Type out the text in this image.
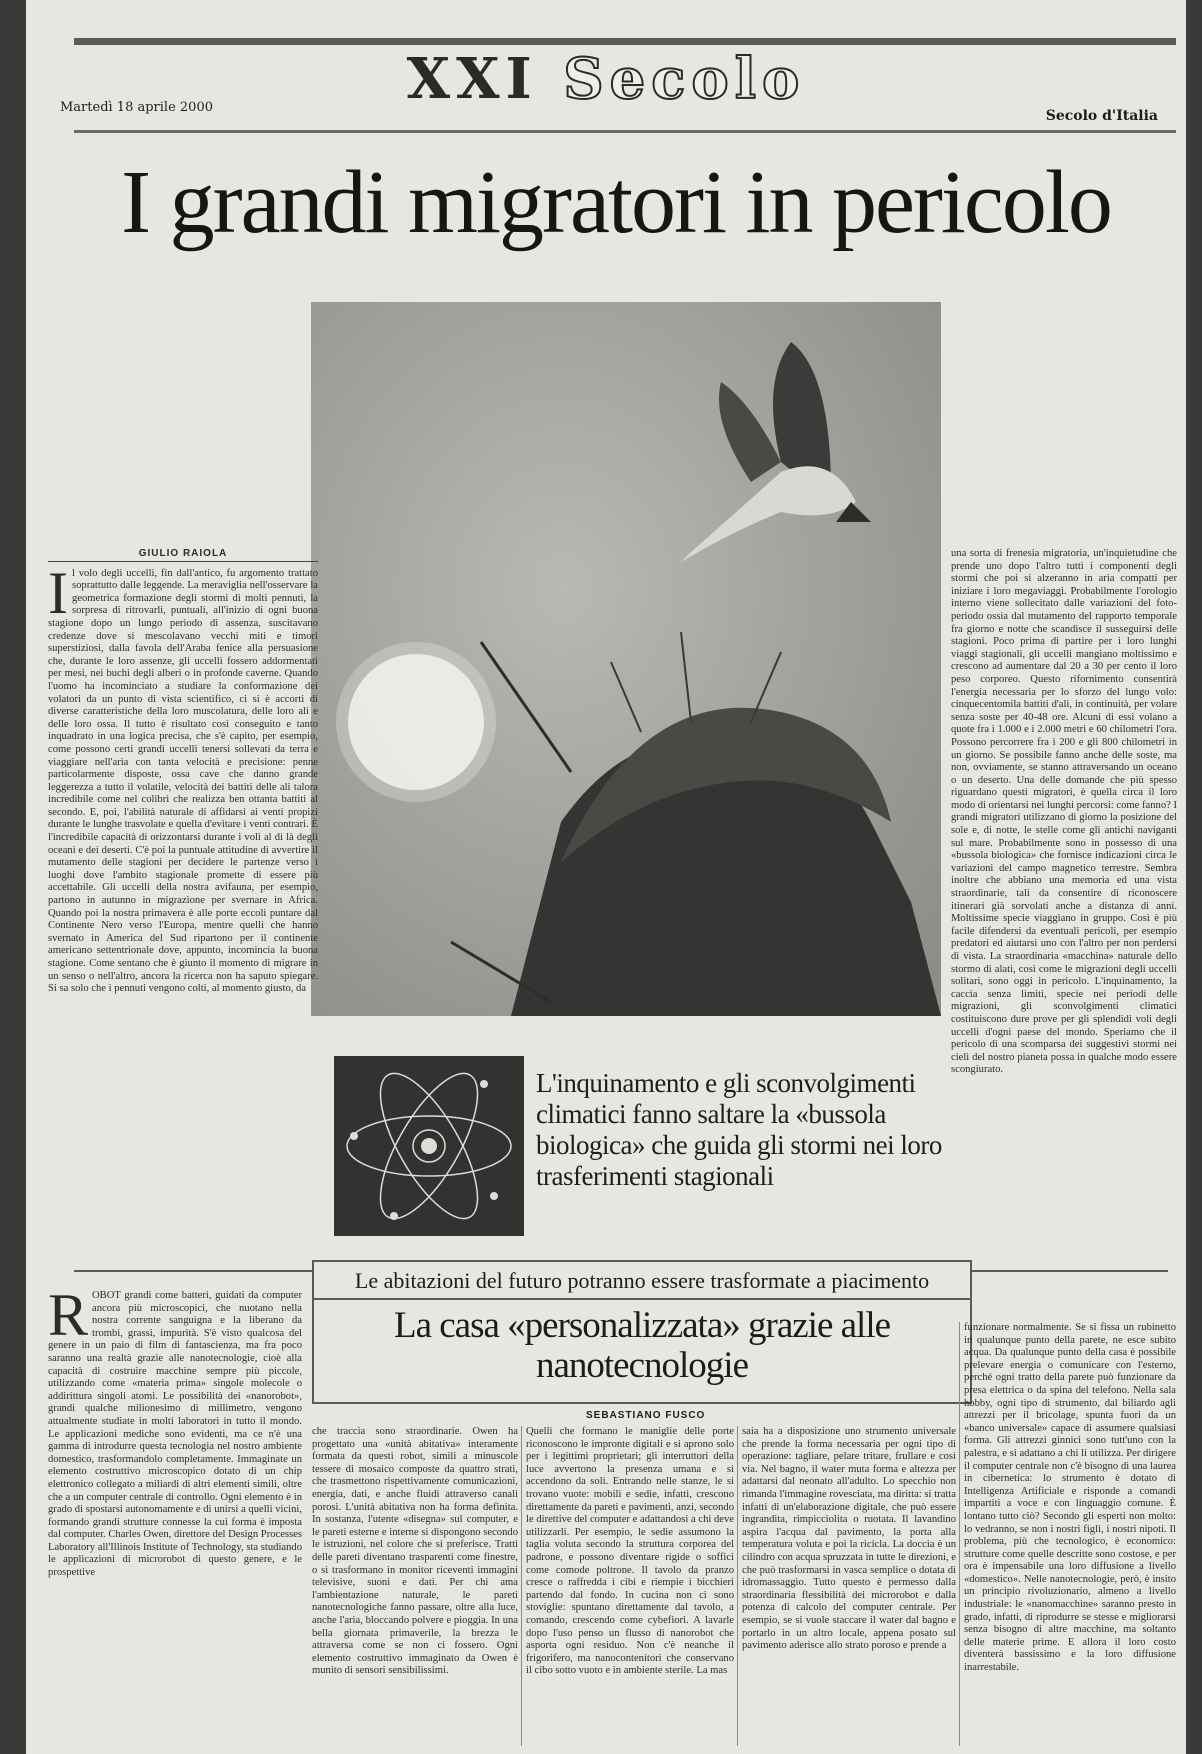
XXI Secolo
Martedì 18 aprile 2000
Secolo d'Italia
I grandi migratori in pericolo
GIULIO RAIOLA
I l volo degli uccelli, fin dall'antico, fu argomento trattato soprattutto dalle leggende. La meraviglia nell'osservare la geometrica formazione degli stormi di molti pennuti, la sorpresa di ritrovarli, puntuali, all'inizio di ogni buona stagione dopo un lungo periodo di assenza, suscitavano credenze dove si mescolavano vecchi miti e timori superstiziosi, dalla favola dell'Araba fenice alla persuasione che, durante le loro assenze, gli uccelli fossero addormentati per mesi, nei buchi degli alberi o in profonde caverne. Quando l'uomo ha incominciato a studiare la conformazione dei volatori da un punto di vista scientifico, ci si è accorti di diverse caratteristiche della loro muscolatura, delle loro ali e delle loro ossa. Il tutto è risultato così conseguito e tanto inquadrato in una logica precisa, che s'è capito, per esempio, come possono certi grandi uccelli tenersi sollevati da terra e viaggiare nell'aria con tanta velocità e precisione: penne particolarmente disposte, ossa cave che danno grande leggerezza a tutto il volatile, velocità dei battiti delle ali talora incredibile come nel colibrì che realizza ben ottanta battiti al secondo. E, poi, l'abilità naturale di affidarsi ai venti propizi durante le lunghe trasvolate e quella d'evitare i venti contrari. È l'incredibile capacità di orizzontarsi durante i voli al di là degli oceani e dei deserti. C'è poi la puntuale attitudine di avvertire il mutamento delle stagioni per decidere le partenze verso i luoghi dove l'ambito stagionale promette di essere più accettabile. Gli uccelli della nostra avifauna, per esempio, partono in autunno in migrazione per svernare in Africa. Quando poi la nostra primavera è alle porte eccoli puntare dal Continente Nero verso l'Europa, mentre quelli che hanno svernato in America del Sud ripartono per il continente americano settentrionale dove, appunto, incomincia la buona stagione. Come sentano che è giunto il momento di migrare in un senso o nell'altro, ancora la ricerca non ha saputo spiegare. Si sa solo che i pennuti vengono colti, al momento giusto, da
una sorta di frenesia migratoria, un'inquietudine che prende uno dopo l'altro tutti i componenti degli stormi che poi si alzeranno in aria compatti per iniziare i loro megaviaggi. Probabilmente l'orologio interno viene sollecitato dalle variazioni del foto-periodo ossia dal mutamento del rapporto temporale fra giorno e notte che scandisce il susseguirsi delle stagioni. Poco prima di partire per i loro lunghi viaggi stagionali, gli uccelli mangiano moltissimo e crescono ad aumentare dal 20 a 30 per cento il loro peso corporeo. Questo rifornimento consentirà l'energia necessaria per lo sforzo del lungo volo: cinquecentomila battiti d'ali, in continuità, per volare senza soste per 40-48 ore. Alcuni di essi volano a quote fra i 1.000 e i 2.000 metri e 60 chilometri l'ora. Possono percorrere fra i 200 e gli 800 chilometri in un giorno. Se possibile fanno anche delle soste, ma non, ovviamente, se stanno attraversando un oceano o un deserto. Una delle domande che più spesso riguardano questi migratori, è quella circa il loro modo di orientarsi nei lunghi percorsi: come fanno? I grandi migratori utilizzano di giorno la posizione del sole e, di notte, le stelle come gli antichi naviganti sul mare. Probabilmente sono in possesso di una «bussola biologica» che fornisce indicazioni circa le variazioni del campo magnetico terrestre. Sembra inoltre che abbiano una memoria ed una vista straordinarie, tali da consentire di riconoscere itinerari già sorvolati anche a distanza di anni. Moltissime specie viaggiano in gruppo. Così è più facile difendersi da eventuali pericoli, per esempio predatori ed aiutarsi uno con l'altro per non perdersi di vista. La straordinaria «macchina» naturale dello stormo di alati, così come le migrazioni degli uccelli solitari, sono oggi in pericolo. L'inquinamento, la caccia senza limiti, specie nei periodi delle migrazioni, gli sconvolgimenti climatici costituiscono dure prove per gli splendidi voli degli uccelli d'ogni paese del mondo. Speriamo che il pericolo di una scomparsa dei suggestivi stormi nei cieli del nostro pianeta possa in qualche modo essere scongiurato.
L'inquinamento e gli sconvolgimenti climatici fanno saltare la «bussola biologica» che guida gli stormi nei loro trasferimenti stagionali
Le abitazioni del futuro potranno essere trasformate a piacimento
La casa «personalizzata» grazie alle nanotecnologie
SEBASTIANO FUSCO
R OBOT grandi come batteri, guidati da computer ancora più microscopici, che nuotano nella nostra corrente sanguigna e la liberano da trombi, grassi, impurità. S'è visto qualcosa del genere in un paio di film di fantascienza, ma fra poco saranno una realtà grazie alle nanotecnologie, cioè alla capacità di costruire macchine sempre più piccole, utilizzando come «materia prima» singole molecole o addirittura singoli atomi. Le possibilità dei «nanorobot», grandi qualche milionesimo di millimetro, vengono attualmente studiate in molti laboratori in tutto il mondo. Le applicazioni mediche sono evidenti, ma ce n'è una gamma di introdurre questa tecnologia nel nostro ambiente domestico, trasformandolo completamente. Immaginate un elemento costruttivo microscopico dotato di un chip elettronico collegato a miliardi di altri elementi simili, oltre che a un computer centrale di controllo. Ogni elemento è in grado di spostarsi autonomamente e di unirsi a quelli vicini, formando grandi strutture connesse la cui forma è imposta dal computer. Charles Owen, direttore del Design Processes Laboratory all'Illinois Institute of Technology, sta studiando le applicazioni di microrobot di questo genere, e le prospettive
che traccia sono straordinarie. Owen ha progettato una «unità abitativa» interamente formata da questi robot, simili a minuscole tessere di mosaico composte da quattro strati, che trasmettono rispettivamente comunicazioni, energia, dati, e anche fluidi attraverso canali porosi. L'unità abitativa non ha forma definita. In sostanza, l'utente «disegna» sul computer, e le pareti esterne e interne si dispongono secondo le istruzioni, nel colore che si preferisce. Tratti delle pareti diventano trasparenti come finestre, o si trasformano in monitor riceventi immagini televisive, suoni e dati. Per chi ama l'ambientazione naturale, le pareti nanotecnologiche fanno passare, oltre alla luce, anche l'aria, bloccando polvere e pioggia. In una bella giornata primaverile, la brezza le attraversa come se non ci fossero. Ogni elemento costruttivo immaginato da Owen è munito di sensori sensibilissimi.
Quelli che formano le maniglie delle porte riconoscono le impronte digitali e si aprono solo per i legittimi proprietari; gli interruttori della luce avvertono la presenza umana e si accendono da soli. Entrando nelle stanze, le si trovano vuote: mobili e sedie, infatti, crescono direttamente da pareti e pavimenti, anzi, secondo le direttive del computer e adattandosi a chi deve utilizzarli. Per esempio, le sedie assumono la taglia voluta secondo la struttura corporea del padrone, e possono diventare rigide o soffici come comode poltrone. Il tavolo da pranzo cresce o raffredda i cibi e riempie i bicchieri partendo dal fondo. In cucina non ci sono stoviglie: spuntano direttamente dal tavolo, a comando, crescendo come cybefiori. A lavarle dopo l'uso penso un flusso di nanorobot che asporta ogni residuo. Non c'è neanche il frigorifero, ma nanocontenitori che conservano il cibo sotto vuoto e in ambiente sterile. La mas
saia ha a disposizione uno strumento universale che prende la forma necessaria per ogni tipo di operazione: tagliare, pelare tritare, frullare e così via. Nel bagno, il water muta forma e altezza per adattarsi dal neonato all'adulto. Lo specchio non rimanda l'immagine rovesciata, ma diritta: si tratta infatti di un'elaborazione digitale, che può essere ingrandita, rimpicciolita o ruotata. Il lavandino aspira l'acqua dal pavimento, la porta alla temperatura voluta e poi la ricicla. La doccia è un cilindro con acqua spruzzata in tutte le direzioni, e che può trasformarsi in vasca semplice o dotata di idromassaggio. Tutto questo è permesso dalla straordinaria flessibilità dei microrobot e dalla potenza di calcolo del computer centrale. Per esempio, se si vuole staccare il water dal bagno e portarlo in un altro locale, appena posato sul pavimento aderisce allo strato poroso e prende a
funzionare normalmente. Se si fissa un rubinetto in qualunque punto della parete, ne esce subito acqua. Da qualunque punto della casa è possibile prelevare energia o comunicare con l'esterno, perché ogni tratto della parete può funzionare da presa elettrica o da spina del telefono. Nella sala hobby, ogni tipo di strumento, dal biliardo agli attrezzi per il bricolage, spunta fuori da un «banco universale» capace di assumere qualsiasi forma. Gli attrezzi ginnici sono tutt'uno con la palestra, e si adattano a chi li utilizza. Per dirigere il computer centrale non c'è bisogno di una laurea in cibernetica: lo strumento è dotato di Intelligenza Artificiale e risponde a comandi impartiti a voce e con linguaggio comune. È lontano tutto ciò? Secondo gli esperti non molto: lo vedranno, se non i nostri figli, i nostri nipoti. Il problema, più che tecnologico, è economico: strutture come quelle descritte sono costose, e per ora è impensabile una loro diffusione a livello «domestico». Nelle nanotecnologie, però, è insito un principio rivoluzionario, almeno a livello industriale: le «nanomacchine» saranno presto in grado, infatti, di riprodurre se stesse e migliorarsi senza bisogno di altre macchine, ma soltanto delle materie prime. E allora il loro costo diventerà bassissimo e la loro diffusione inarrestabile.
